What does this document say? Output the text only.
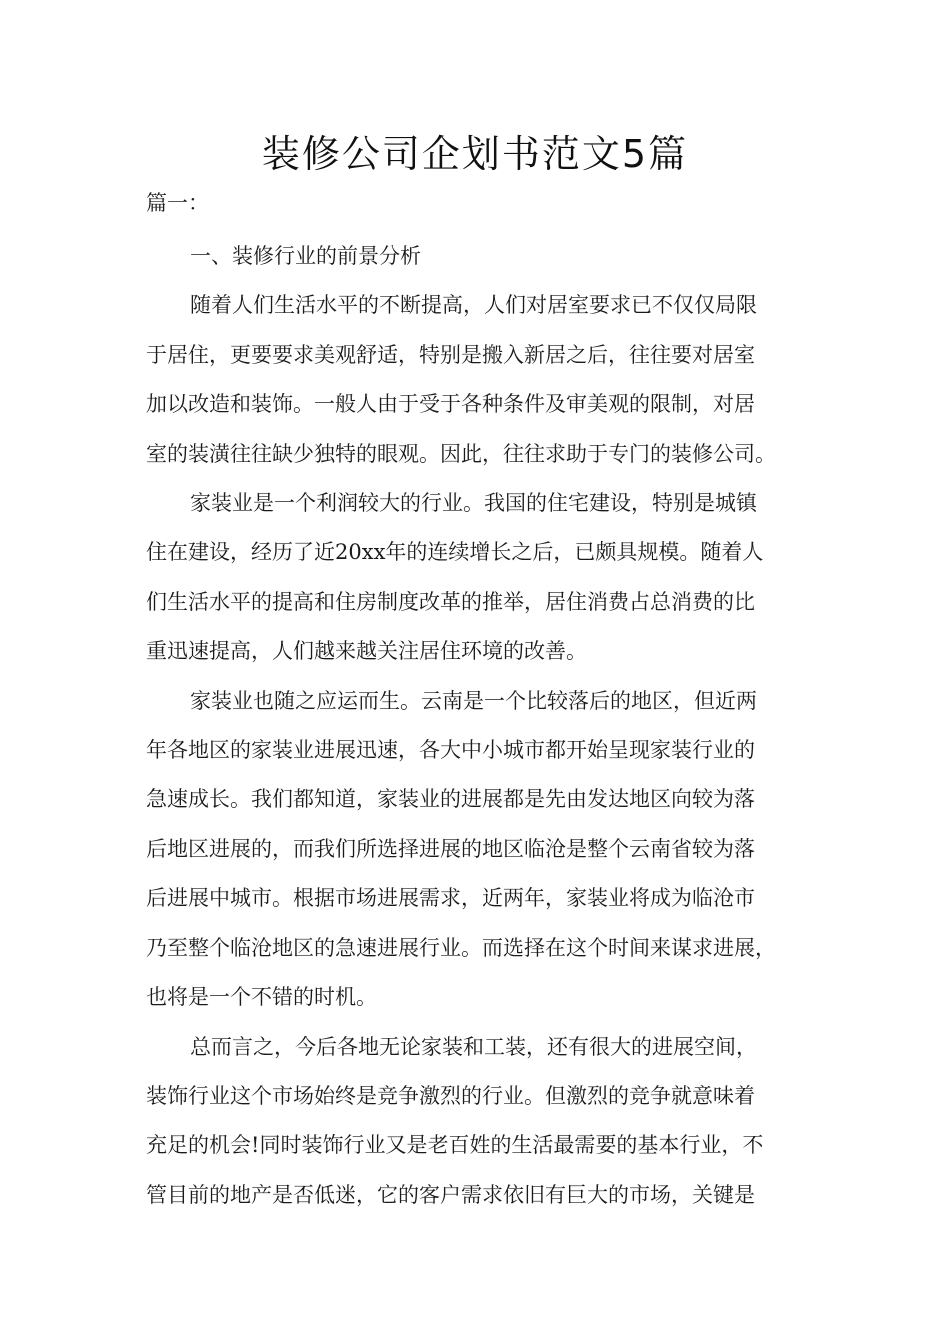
装修公司企划书范文5篇

篇一：

一、装修行业的前景分析

随着人们生活水平的不断提高，人们对居室要求已不仅仅局限
于居住，更要要求美观舒适，特别是搬入新居之后，往往要对居室
加以改造和装饰。一般人由于受于各种条件及审美观的限制，对居
室的装潢往往缺少独特的眼观。因此，往往求助于专门的装修公司。

家装业是一个利润较大的行业。我国的住宅建设，特别是城镇
住在建设，经历了近20xx年的连续增长之后，已颇具规模。随着人
们生活水平的提高和住房制度改革的推举，居住消费占总消费的比
重迅速提高，人们越来越关注居住环境的改善。

家装业也随之应运而生。云南是一个比较落后的地区，但近两
年各地区的家装业进展迅速，各大中小城市都开始呈现家装行业的
急速成长。我们都知道，家装业的进展都是先由发达地区向较为落
后地区进展的，而我们所选择进展的地区临沧是整个云南省较为落
后进展中城市。根据市场进展需求，近两年，家装业将成为临沧市
乃至整个临沧地区的急速进展行业。而选择在这个时间来谋求进展，
也将是一个不错的时机。

总而言之，今后各地无论家装和工装，还有很大的进展空间，
装饰行业这个市场始终是竞争激烈的行业。但激烈的竞争就意味着
充足的机会!同时装饰行业又是老百姓的生活最需要的基本行业，不
管目前的地产是否低迷，它的客户需求依旧有巨大的市场，关键是
